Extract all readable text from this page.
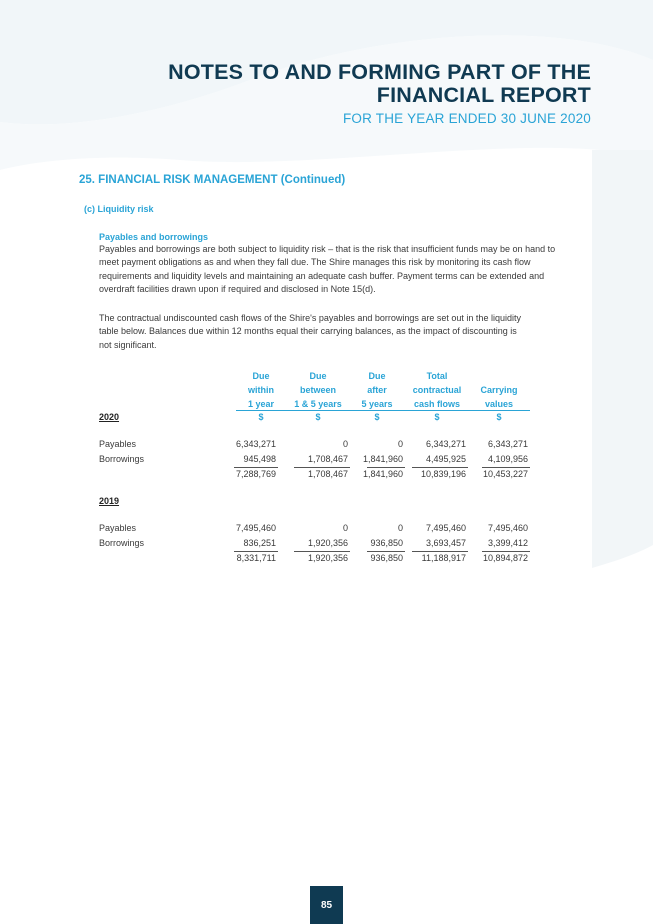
NOTES TO AND FORMING PART OF THE
FINANCIAL REPORT
FOR THE YEAR ENDED 30 JUNE 2020
25. FINANCIAL RISK MANAGEMENT (Continued)
(c) Liquidity risk
Payables and borrowings
Payables and borrowings are both subject to liquidity risk – that is the risk that insufficient funds may be on hand to meet payment obligations as and when they fall due. The Shire manages this risk by monitoring its cash flow requirements and liquidity levels and maintaining an adequate cash buffer. Payment terms can be extended and overdraft facilities drawn upon if required and disclosed in Note 15(d).
The contractual undiscounted cash flows of the Shire's payables and borrowings are set out in the liquidity table below. Balances due within 12 months equal their carrying balances, as the impact of discounting is not significant.
Due
within
1 year
$
Due
between
1 & 5 years
$
Due
after
5 years
$
Total
contractual
cash flows
$
Carrying
values
$
2020
Payables	6,343,271	0	0	6,343,271	6,343,271
Borrowings	945,498	1,708,467	1,841,960	4,495,925	4,109,956
7,288,769	1,708,467	1,841,960	10,839,196	10,453,227
2019
Payables	7,495,460	0	0	7,495,460	7,495,460
Borrowings	836,251	1,920,356	936,850	3,693,457	3,399,412
8,331,711	1,920,356	936,850	11,188,917	10,894,872
85
